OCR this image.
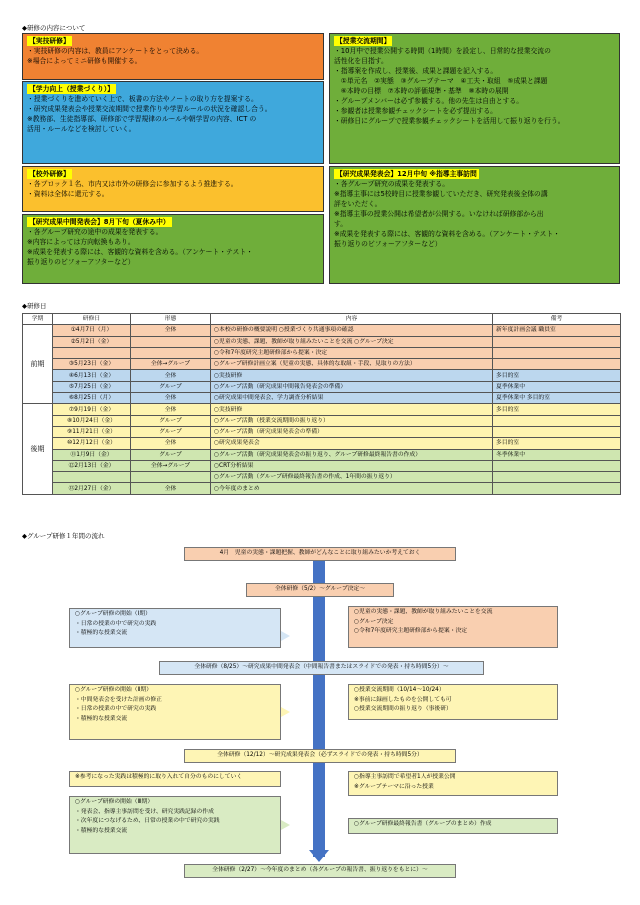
◆研修の内容について
【実技研修】
・実技研修の内容は、教員にアンケートをとって決める。
※場合によってミニ研修も開催する。
【学力向上（授業づくり）】
・授業づくりを進めていく上で、板書の方法やノートの取り方を提案する。
・研究成果発表会や授業交流期間で授業作りや学習ルールの状況を確認し合う。
※教務部、生徒指導部、研修部で学習規律のルールや朝学習の内容、ICT の
活用・ルールなどを検討していく。
【校外研修】
・各ブロック１名、市内又は市外の研修会に参加するよう推進する。
・資料は全体に還元する。
【研究成果中間発表会】8月下旬（夏休み中）
・各グループ研究の途中の成果を発表する。
※内容によっては方向転換もあり。
※成果を発表する際には、客観的な資料を含める。（アンケート・テスト・
振り返りのビフォーアフターなど）
【授業交流期間】
・10月中で授業公開する時間（1時間）を設定し、日常的な授業交流の
活性化を目指す。
・指導案を作成し、授業後、成果と課題を記入する。
　①単元名　②実態　③グループテーマ　④工夫・取組　⑤成果と課題
　⑥本時の目標　⑦本時の評価規準・基準　⑧本時の展開
・グループメンバーは必ず参観する。他の先生は自由とする。
・参観者は授業参観チェックシートを必ず提出する。
・研修日にグループで授業参観チェックシートを活用して振り返りを行う。
【研究成果発表会】12月中旬 ※指導主事訪問
・各グループ研究の成果を発表する。
※指導主事には5校時目に授業参観していただき、研究発表後全体の講
評をいただく。
※指導主事の授業公開は希望者が公開する。いなければ研修部から出
す。
※成果を発表する際には、客観的な資料を含める。（アンケート・テスト・
振り返りのビフォーアフターなど）
◆研修日
学期	研修日	形態	内容	備考
前期	①4月7日（月）	全体	○本校の研修の概要説明 ○授業づくり共通事項の確認	新年度計画会議 職員室
	②5月2日（金）		○児童の実態、課題、教師が取り組みたいことを交流 ○グループ決定	
			○令和7年度研究主題研修部から提案・決定	
	③5月23日（金）	全体→グループ	○グループ研修計画立案（児童の実態、具体的な取組・手段、見取りの方法）	
	④6月13日（金）	全体	○実技研修	多目的室
	⑤7月25日（金）	グループ	○グループ活動（研究成果中間報告発表会の準備）	夏季休業中
	⑥8月25日（月）	全体	○研究成果中間発表会、学力調査分析結果	夏季休業中 多目的室
後期	⑦9月19日（金）	全体	○実技研修	多目的室
	⑧10月24日（金）	グループ	○グループ活動（授業交流期間の振り返り）	
	⑨11月21日（金）	グループ	○グループ活動（研究成果発表会の準備）	
	⑩12月12日（金）	全体	○研究成果発表会	多目的室
	⑪1月9日（金）	グループ	○グループ活動（研究成果発表会の振り返り、グループ研修最終報告書の作成）	冬季休業中
	⑫2月13日（金）	全体→グループ	○CRT分析結果	
			○グループ活動（グループ研修最終報告書の作成、1年間の振り返り）	
	⑬2月27日（金）	全体	○今年度のまとめ	
◆グループ研修１年間の流れ
4月　児童の実態・課題把握、教師がどんなことに取り組みたいか考えておく
全体研修（5/2）～グループ決定～
○グループ研修の開始（Ⅰ期）
・日常の授業の中で研究の実践
・積極的な授業交流
○児童の実態・課題、教師が取り組みたいことを交流
○グループ決定
○令和7年度研究主題研修部から提案・決定
全体研修（8/25）～研究成果中間発表会（中間報告書またはスライドでの発表・持ち時間5分）～
○グループ研修の開始（Ⅱ期）
・中間発表会を受けた計画の修正
・日常の授業の中で研究の実践
・積極的な授業交流
○授業交流期間（10/14～10/24）
※事前に録画したものを公開しても可
○授業交流期間の振り返り（事後研）
全体研修（12/12）～研究成果発表会（必ずスライドでの発表・持ち時間5分）
※参考になった実践は積極的に取り入れて自分のものにしていく	○指導主事訪問で希望者1人が授業公開
※グループテーマに沿った授業
○グループ研修の開始（Ⅲ期）
・発表会、指導主事訪問を受け、研究実践記録の作成
・次年度につなげるため、日常の授業の中で研究の実践
・積極的な授業交流
○グループ研修最終報告書（グループのまとめ）作成
全体研修（2/27）～今年度のまとめ（各グループの報告書、振り返りをもとに）～
